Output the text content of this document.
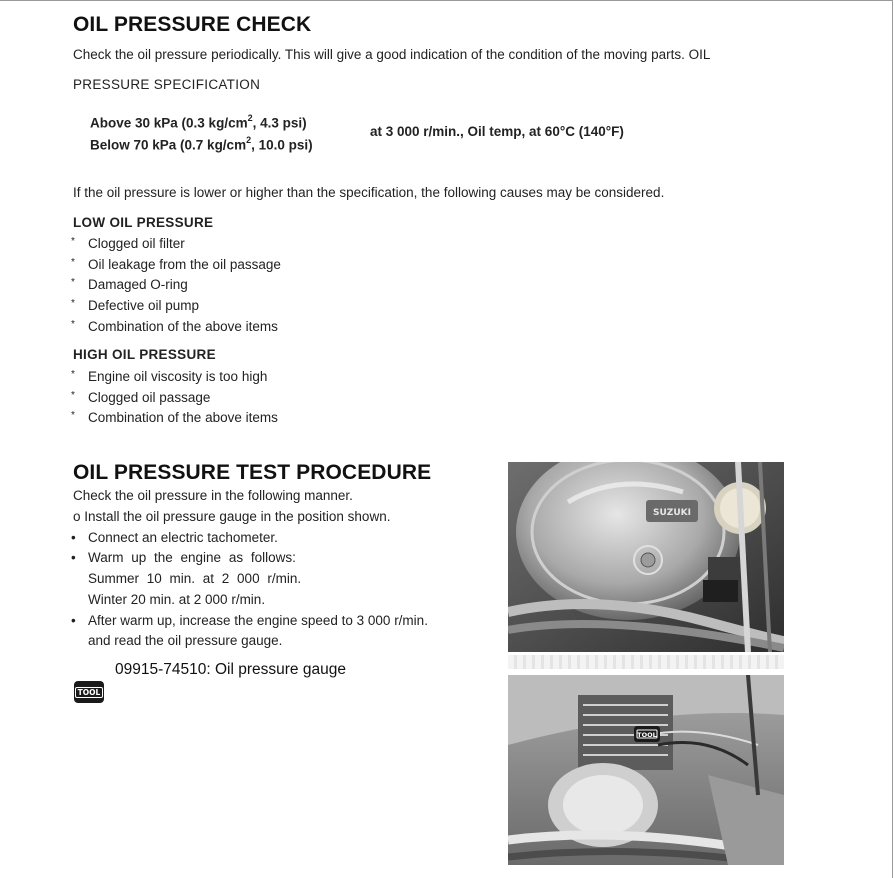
OIL PRESSURE CHECK
Check the oil pressure periodically. This will give a good indication of the condition of the moving parts. OIL
PRESSURE SPECIFICATION
Above 30 kPa (0.3 $kg/cm^2$, 4.3 psi)
Below 70 kPa (0.7 $kg/cm^2$, 10.0 psi)
at 3 000 r/min., Oil temp, at 60°C (140°F)
If the oil pressure is lower or higher than the specification, the following causes may be considered.
LOW OIL PRESSURE
* Clogged oil filter
* Oil leakage from the oil passage
* Damaged O-ring
* Defective oil pump
* Combination of the above items
HIGH OIL PRESSURE
* Engine oil viscosity is too high
* Clogged oil passage
* Combination of the above items
OIL PRESSURE TEST PROCEDURE
Check the oil pressure in the following manner.
o Install the oil pressure gauge in the position shown.
• Connect an electric tachometer.
• Warm up the engine as follows:
Summer 10 min. at 2 000 r/min.
Winter 20 min. at 2 000 r/min.
• After warm up, increase the engine speed to 3 000 r/min.
and read the oil pressure gauge.
09915-74510: Oil pressure gauge
TOOL
SUZUKI
TOOL
